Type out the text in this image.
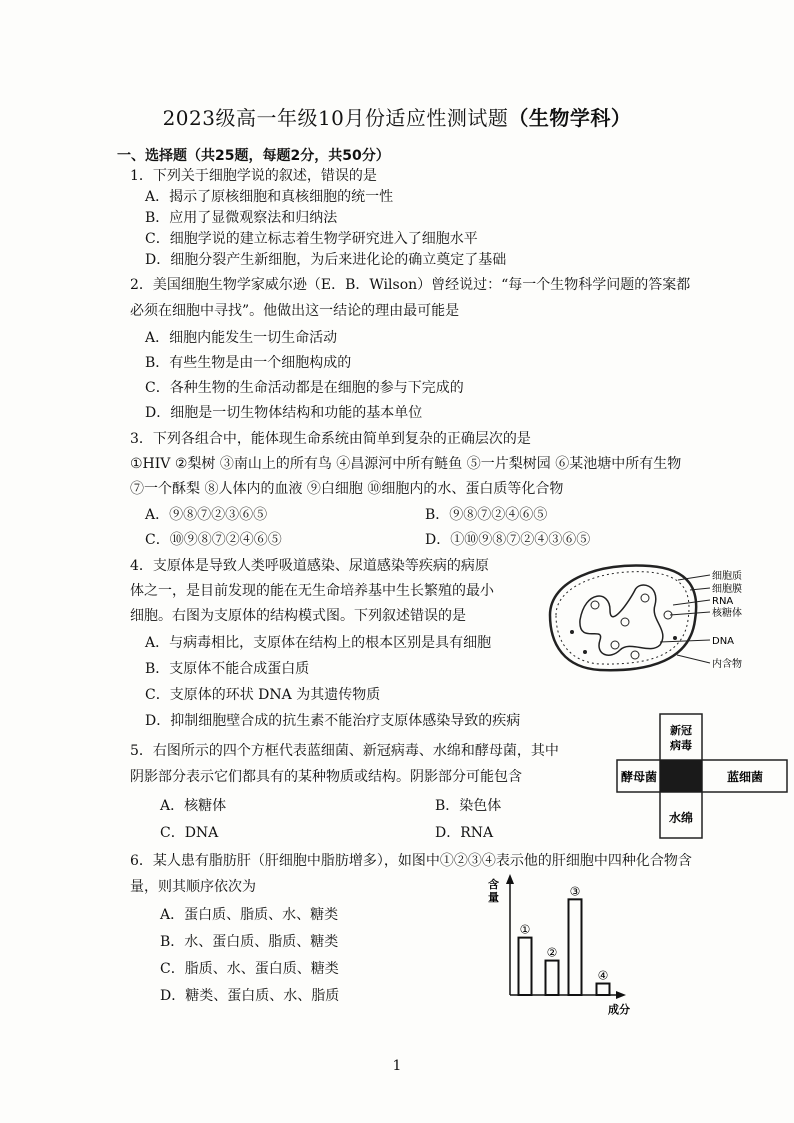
2023级高一年级10月份适应性测试题（生物学科）
一、选择题（共25题，每题2分，共50分）
1．下列关于细胞学说的叙述，错误的是
A．揭示了原核细胞和真核细胞的统一性
B．应用了显微观察法和归纳法
C．细胞学说的建立标志着生物学研究进入了细胞水平
D．细胞分裂产生新细胞，为后来进化论的确立奠定了基础
2．美国细胞生物学家威尔逊（E．B．Wilson）曾经说过：“每一个生物科学问题的答案都
必须在细胞中寻找”。他做出这一结论的理由最可能是
A．细胞内能发生一切生命活动
B．有些生物是由一个细胞构成的
C．各种生物的生命活动都是在细胞的参与下完成的
D．细胞是一切生物体结构和功能的基本单位
3．下列各组合中，能体现生命系统由简单到复杂的正确层次的是
①HIV ②梨树 ③南山上的所有鸟 ④昌源河中所有鲢鱼 ⑤一片梨树园 ⑥某池塘中所有生物
⑦一个酥梨 ⑧人体内的血液 ⑨白细胞 ⑩细胞内的水、蛋白质等化合物
A．⑨⑧⑦②③⑥⑤	B．⑨⑧⑦②④⑥⑤
C．⑩⑨⑧⑦②④⑥⑤	D．①⑩⑨⑧⑦②④③⑥⑤
4．支原体是导致人类呼吸道感染、尿道感染等疾病的病原
体之一，是目前发现的能在无生命培养基中生长繁殖的最小
细胞。右图为支原体的结构模式图。下列叙述错误的是
A．与病毒相比，支原体在结构上的根本区别是具有细胞
B．支原体不能合成蛋白质
C．支原体的环状 DNA 为其遗传物质
D．抑制细胞壁合成的抗生素不能治疗支原体感染导致的疾病
细胞质
细胞膜
RNA
核糖体
DNA
内含物
5．右图所示的四个方框代表蓝细菌、新冠病毒、水绵和酵母菌，其中
阴影部分表示它们都具有的某种物质或结构。阴影部分可能包含
A．核糖体	B．染色体
C．DNA	D．RNA
新冠
病毒
酵母菌	蓝细菌
水绵
6．某人患有脂肪肝（肝细胞中脂肪增多），如图中①②③④表示他的肝细胞中四种化合物含
量，则其顺序依次为
A．蛋白质、脂质、水、糖类
B．水、蛋白质、脂质、糖类
C．脂质、水、蛋白质、糖类
D．糖类、蛋白质、水、脂质
含量
成分
①
②
③
④
1
